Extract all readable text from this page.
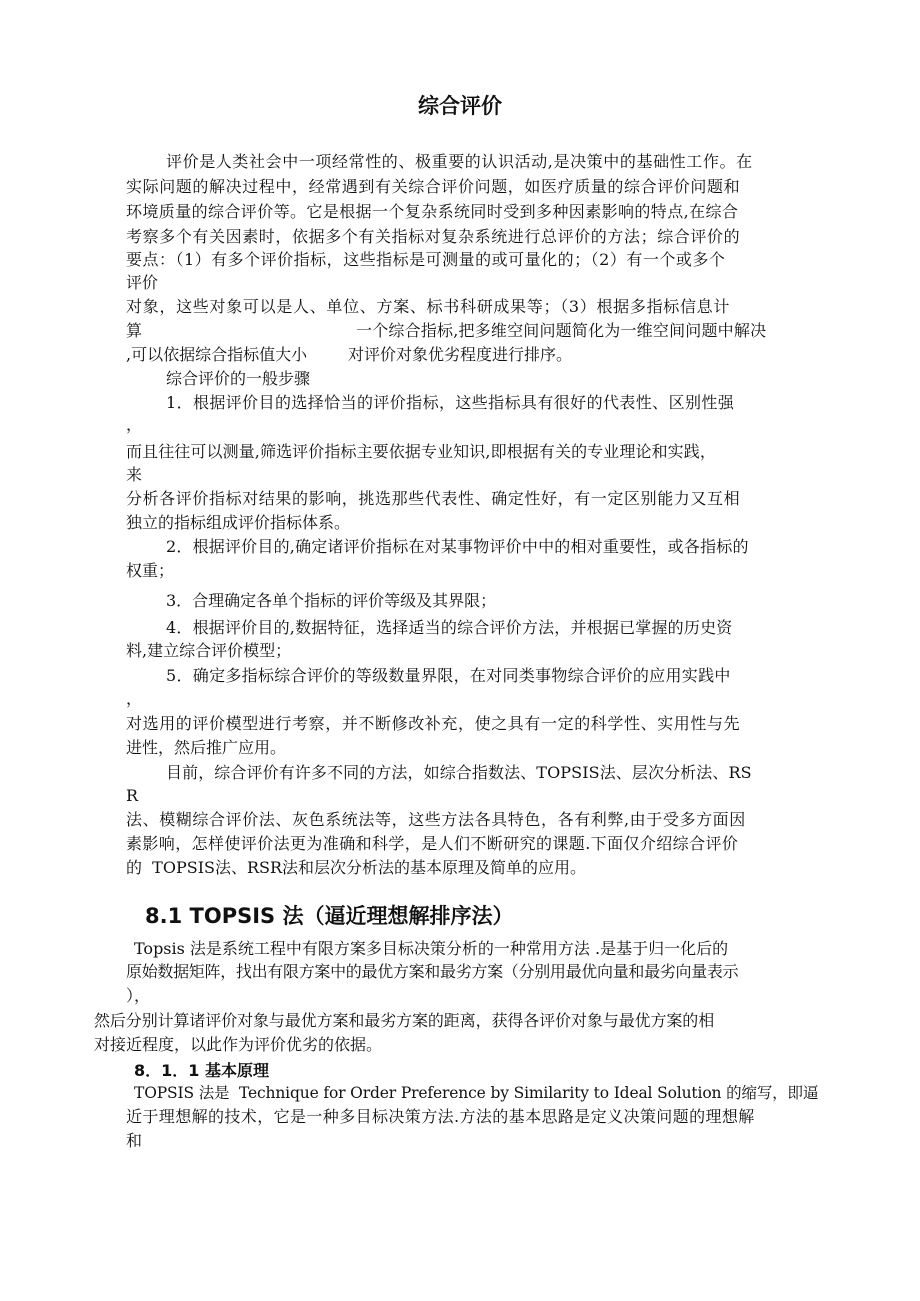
综合评价
评价是人类社会中一项经常性的、极重要的认识活动,是决策中的基础性工作。在
实际问题的解决过程中，经常遇到有关综合评价问题，如医疗质量的综合评价问题和
环境质量的综合评价等。它是根据一个复杂系统同时受到多种因素影响的特点,在综合
考察多个有关因素时，依据多个有关指标对复杂系统进行总评价的方法；综合评价的
要点：（1）有多个评价指标，这些指标是可测量的或可量化的；（2）有一个或多个
评价
对象，这些对象可以是人、单位、方案、标书科研成果等；（3）根据多指标信息计
算	一个综合指标,把多维空间问题简化为一维空间问题中解决
,可以依据综合指标值大小	对评价对象优劣程度进行排序。
综合评价的一般步骤
1．根据评价目的选择恰当的评价指标，这些指标具有很好的代表性、区别性强
，
而且往往可以测量,筛选评价指标主要依据专业知识,即根据有关的专业理论和实践，
来
分析各评价指标对结果的影响，挑选那些代表性、确定性好，有一定区别能力又互相
独立的指标组成评价指标体系。
2．根据评价目的,确定诸评价指标在对某事物评价中中的相对重要性，或各指标的
权重；
3．合理确定各单个指标的评价等级及其界限；
4．根据评价目的,数据特征，选择适当的综合评价方法，并根据已掌握的历史资
料,建立综合评价模型；
5．确定多指标综合评价的等级数量界限，在对同类事物综合评价的应用实践中
，
对选用的评价模型进行考察，并不断修改补充，使之具有一定的科学性、实用性与先
进性，然后推广应用。
目前，综合评价有许多不同的方法，如综合指数法、TOPSIS法、层次分析法、RS
R
法、模糊综合评价法、灰色系统法等，这些方法各具特色，各有利弊,由于受多方面因
素影响，怎样使评价法更为准确和科学，是人们不断研究的课题.下面仅介绍综合评价
的  TOPSIS法、RSR法和层次分析法的基本原理及简单的应用。
8.1 TOPSIS 法（逼近理想解排序法）
Topsis 法是系统工程中有限方案多目标决策分析的一种常用方法 .是基于归一化后的
原始数据矩阵，找出有限方案中的最优方案和最劣方案（分别用最优向量和最劣向量表示
），
然后分别计算诸评价对象与最优方案和最劣方案的距离，获得各评价对象与最优方案的相
对接近程度，以此作为评价优劣的依据。
8．1．1 基本原理
TOPSIS 法是  Technique for Order Preference by Similarity to Ideal Solution 的缩写，即逼
近于理想解的技术，它是一种多目标决策方法.方法的基本思路是定义决策问题的理想解
和
